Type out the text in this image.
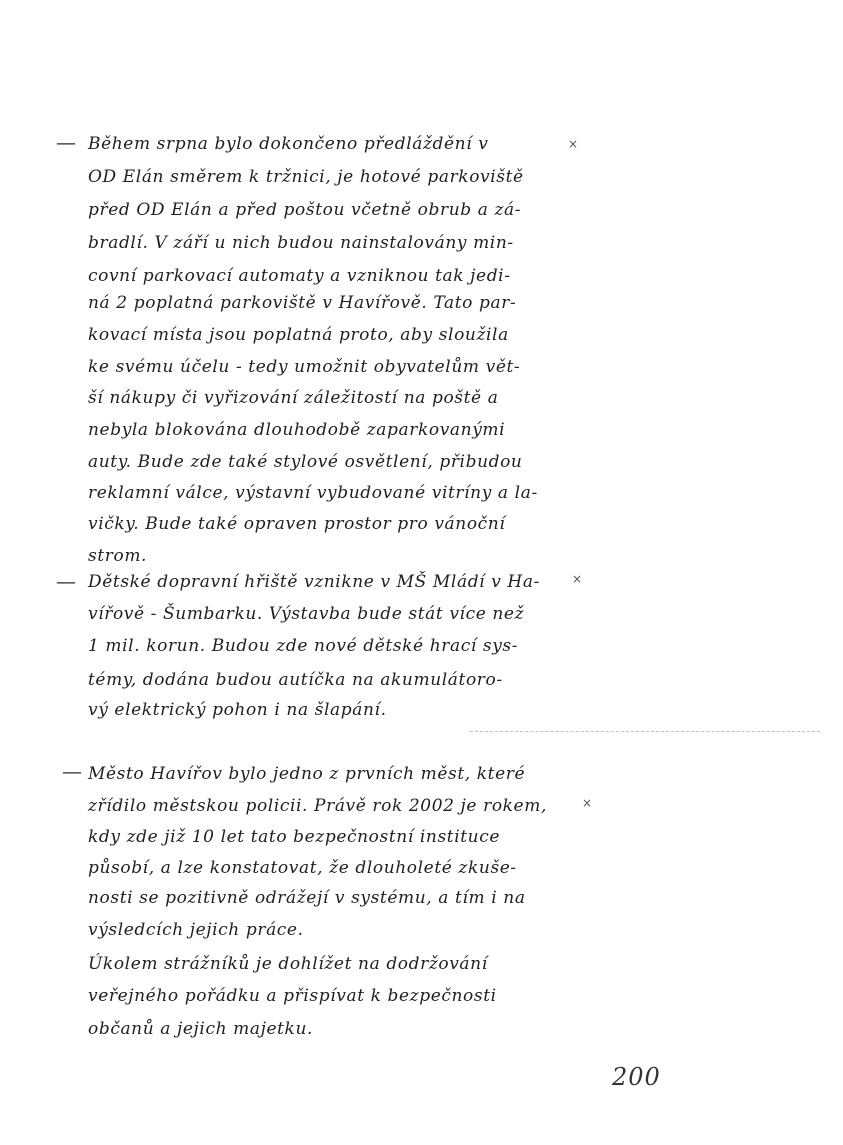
—	×
Během srpna bylo dokončeno předláždění v
OD Elán směrem k tržnici, je hotové parkoviště
před OD Elán a před poštou včetně obrub a zá-
bradlí. V září u nich budou nainstalovány min-
covní parkovací automaty a vzniknou tak jedi-
ná 2 poplatná parkoviště v Havířově. Tato par-
kovací místa jsou poplatná proto, aby sloužila
ke svému účelu - tedy umožnit obyvatelům vět-
ší nákupy či vyřizování záležitostí na poště a
nebyla blokována dlouhodobě zaparkovanými
auty. Bude zde také stylové osvětlení, přibudou
reklamní válce, výstavní vybudované vitríny a la-
vičky. Bude také opraven prostor pro vánoční
strom.
—	×
Dětské dopravní hřiště vznikne v MŠ Mládí v Ha-
vířově - Šumbarku. Výstavba bude stát více než
1 mil. korun. Budou zde nové dětské hrací sys-
témy, dodána budou autíčka na akumulátoro-
vý elektrický pohon i na šlapání.
—
×
Město Havířov bylo jedno z prvních měst, které
zřídilo městskou policii. Právě rok 2002 je rokem,
kdy zde již 10 let tato bezpečnostní instituce
působí, a lze konstatovat, že dlouholeté zkuše-
nosti se pozitivně odrážejí v systému, a tím i na
výsledcích jejich práce.
Úkolem strážníků je dohlížet na dodržování
veřejného pořádku a přispívat k bezpečnosti
občanů a jejich majetku.
200
